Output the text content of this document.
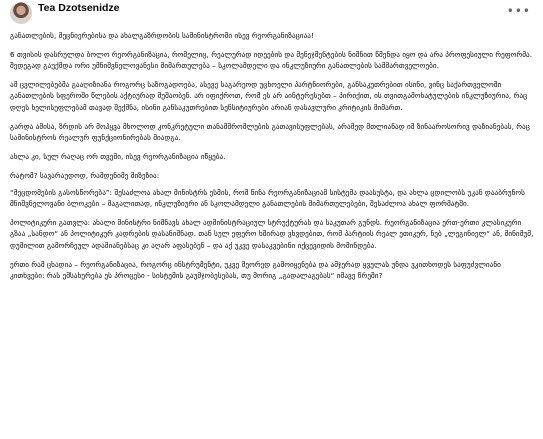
Tea Dzotsenidze	•••

განათლების, მეცნიერებისა და ახალგაზრდობის სამინისტროში ისევ რეორგანიზაციაა!

6 თვისის დასრულდა ბოლო რეორგანიზაცია, რომელიც, რეალურად იდეების და მენეჯმენტების ნიშნით წმენდა იყო და არა პროფესიული რეფორმა. შედეგად გაუქმდა ორი უმნიშვნელოვანესი მიმართულება – სკოლამდელი და ინკლუზიური განათლების სამმართველოები.

ამ ცვლილებებმა გააღიზიანა როგორც საზოგადოება, ასევე საგარეოდ უცხოელი პარტნიორები, განსაკუთრებით ისინი, ვინც საქართველოში განათლების სფეროში წლების აქტიურად მუშაობენ. არ იფიქროთ, რომ ეს არ აინტერესებთ – პირიქით, ის თვითგამოხატულების ინკლუზიურია, რაც დღეს ხელისუფლებამ თავად შექმნა, ისინი განსაკუთრებით სენსიტიურები არიან დასავლური კრიტიკის მიმართ.

გარდა ამისა, ზრდის არ მოჰყვა მხოლოდ კონკრეტული თანამშრომლების გათავისუფლებას, არამედ მთლიანად იმ ზინააროსორივ დაზიანებას, რაც სამინისტროს რეალურ ფუნქციონირებას მიადგა.

ახლა კი, სულ რაღაც ორ თვეში, ისევ რეორგანიზაცია იწყება.

რატომ? სავარაუდოდ, რამდენიმე მიზეზია:

“მეცდომების გასოსწორება”: შესაძლოა ახალ მინისტრს ესმის, რომ წინა რეორგანიზაციამ სისტემა დაასუსტა, და ახლა ცდილობს უკან დააბრუნოს მნიშვნელოვანი ბლოკები – მაგალითად, ინკლუზიური ან სკოლამდელი განათლების მიმართულებები, შესაძლოა ახალ ფორმატში.

პოლიტიკური გათვლა: ახალი მინისტრი ნიშნავს ახალ ადმინისტრაციულ სტრუქტურას და საკუთარ გუნდს. რეორგანიზაცია ერთ-ერთი კლასიკური გზაა „სანდო“ ან პოლიტიკურ კადრების დასანიშნად. თან სულ ეფერო ხშირად ვხვდებით, რომ პარტიის რეალ ეთიკურ, ნებ „ლეგინიელ“ ან, მინიმუმ, დუმილით გამორჩეულ ადამიანებსაც კი აღარ აფასებენ – და აქ უკვე დასაკვებინი იქცევიდის მომინდება.

ერთი რამ ცხადია – რეორგანიზაცია, როგორც ინსტრუმენტი, უკვე მეორედ გამოიყენება და ამჯერად ყველას უნდა ვკითხოდეს საფუძვლიანი კითხვები: რას ემსახურება ეს პროცესი - სისტემის გაუმჯობესებას, თუ მორიგ „გადალაგებას“ იმავე წრეში?
